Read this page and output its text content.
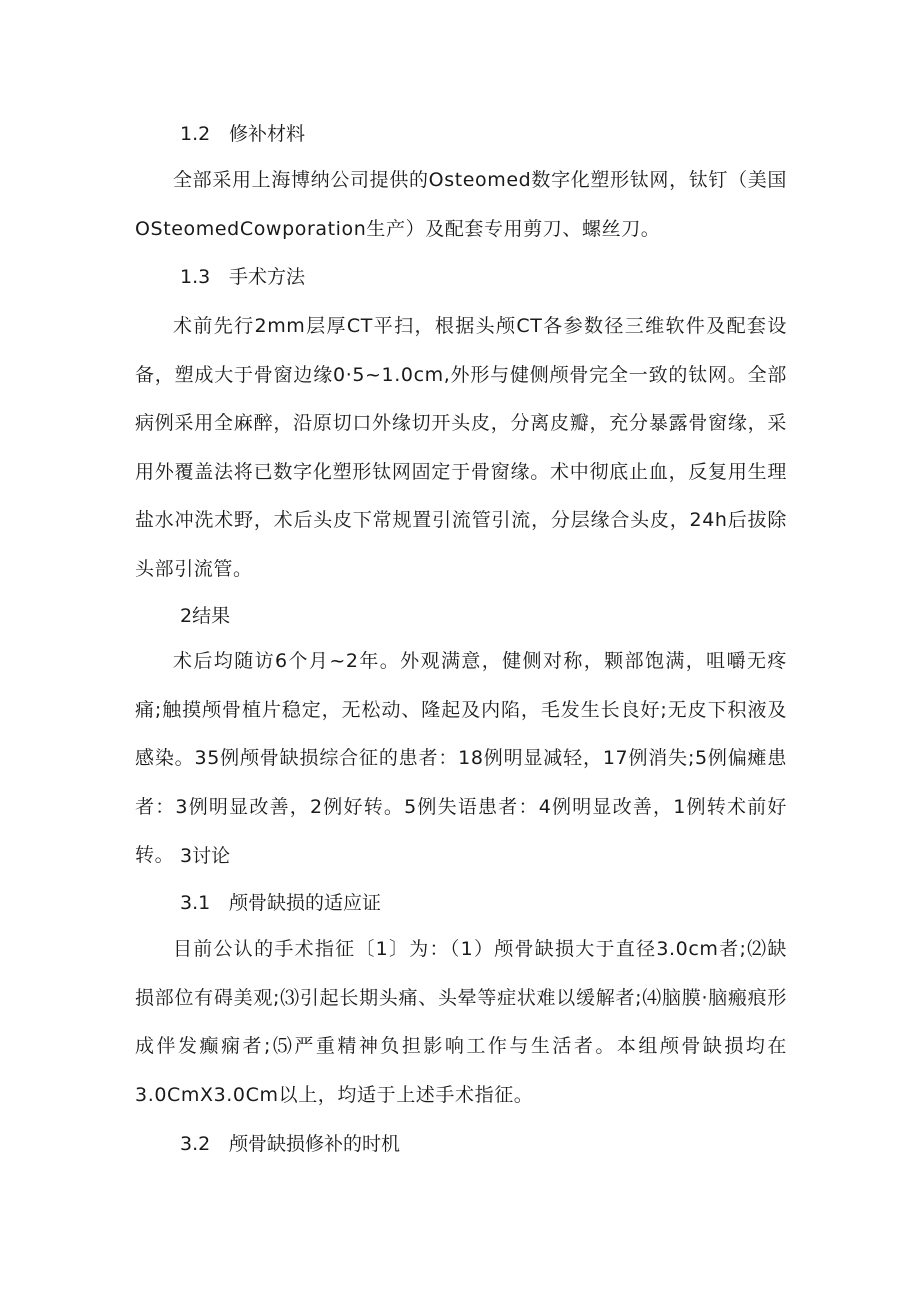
1.2 修补材料

全部采用上海博纳公司提供的Osteomed数字化塑形钛网，钛钉（美国OSteomedCowporation生产）及配套专用剪刀、螺丝刀。

1.3 手术方法

术前先行2mm层厚CT平扫，根据头颅CT各参数径三维软件及配套设备，塑成大于骨窗边缘0·5~1.0cm,外形与健侧颅骨完全一致的钛网。全部病例采用全麻醉，沿原切口外缘切开头皮，分离皮瓣，充分暴露骨窗缘，采用外覆盖法将已数字化塑形钛网固定于骨窗缘。术中彻底止血，反复用生理盐水冲洗术野，术后头皮下常规置引流管引流，分层缘合头皮，24h后拔除头部引流管。

2结果

术后均随访6个月~2年。外观满意，健侧对称，颗部饱满，咀嚼无疼痛;触摸颅骨植片稳定，无松动、隆起及内陷，毛发生长良好;无皮下积液及感染。35例颅骨缺损综合征的患者：18例明显减轻，17例消失;5例偏瘫患者：3例明显改善，2例好转。5例失语患者：4例明显改善，1例转术前好转。 3讨论
3.1 颅骨缺损的适应证

目前公认的手术指征〔1〕为：（1）颅骨缺损大于直径3.0cm者;⑵缺损部位有碍美观;⑶引起长期头痛、头晕等症状难以缓解者;⑷脑膜·脑瘢痕形成伴发癫痫者;⑸严重精神负担影响工作与生活者。本组颅骨缺损均在3.0CmX3.0Cm以上，均适于上述手术指征。

3.2 颅骨缺损修补的时机
